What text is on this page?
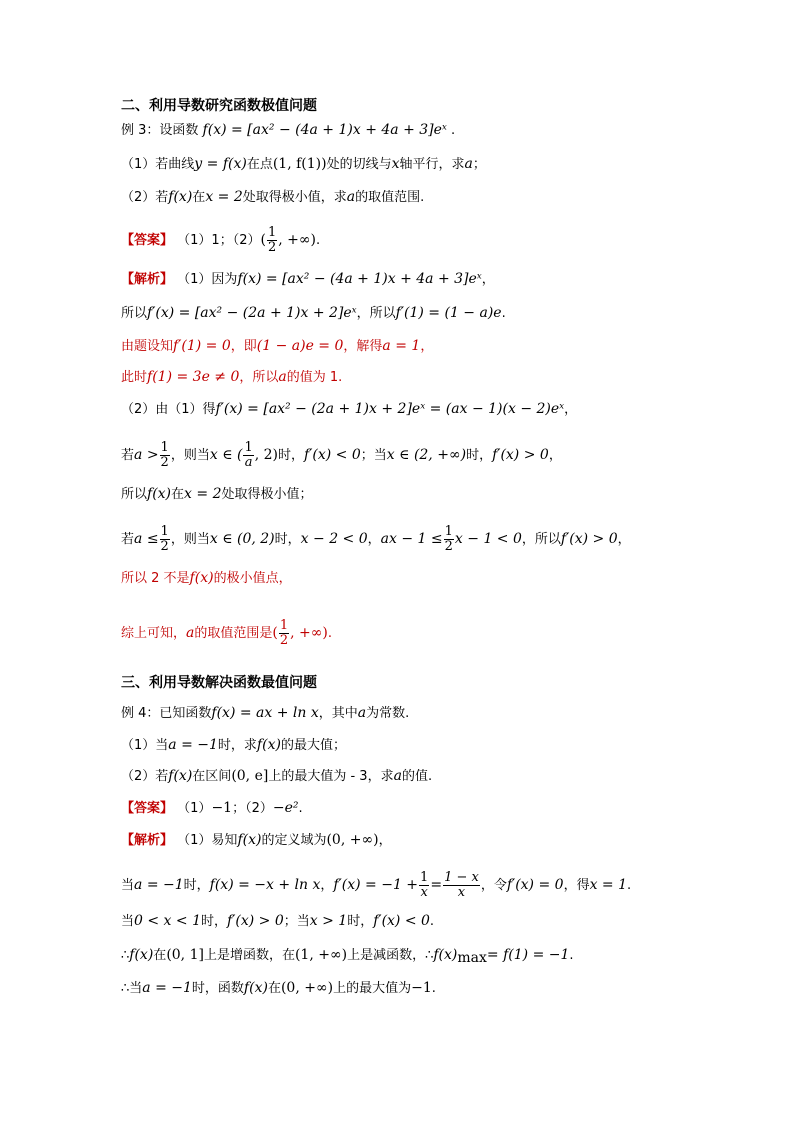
二、利用导数研究函数极值问题
例 3：设函数 f(x) = [ax² − (4a + 1)x + 4a + 3]eˣ .
（1）若曲线y = f(x)在点(1, f(1))处的切线与x轴平行，求a；
（2）若f(x)在x = 2处取得极小值，求a的取值范围.
【答案】 （1）1；$(2)( \frac{1}{2}$ , +∞).
【解析】 （1）因为f(x) = [ax² − (4a + 1)x + 4a + 3]eˣ，
所以f′(x) = [ax² − (2a + 1)x + 2]eˣ，所以f′(1) = (1 − a)e.
由题设知f′(1) = 0，即(1 − a)e = 0，解得a = 1，
此时f(1) = 3e ≠ 0，所以a的值为 1.
（2）由（1）得f′(x) = [ax² − (2a + 1)x + 2]eˣ = (ax − 1)(x − 2)eˣ，
若$a > \frac{1}{2}$ ，则当x ∈ ( $\frac{1}{a}$ , 2)时，f′(x) < 0；当x ∈ (2, +∞)时，f′(x) > 0，
所以f(x)在x = 2处取得极小值；
若$a \le \frac{1}{2}$ ，则当x ∈ (0, 2)时，x − 2 < 0，ax − $1 \le \frac{1}{2}$ x − 1 < 0，所以f′(x) > 0，
所以 2 不是f(x)的极小值点，
综上可知，a的取值范围是( $\frac{1}{2}$ , +∞).
三、利用导数解决函数最值问题
例 4：已知函数f(x) = ax + ln x，其中a为常数.
（1）当a = −1时，求f(x)的最大值；
（2）若f(x)在区间(0, e]上的最大值为 - 3，求a的值.
【答案】 （1）−1；（2）−e².
【解析】 （1）易知f(x)的定义域为(0, +∞)，
当a = −1时，f(x) = −x + ln x，$f'(x) = -1 + \frac{1}{x} = \frac{1 - x}{x}$ ，令f′(x) = 0，得x = 1.
当0 < x < 1时，f′(x) > 0；当x > 1时，f′(x) < 0.
∴f(x)在(0, 1]上是增函数，在(1, +∞)上是减函数，$\therefore f(x)_{max}= f(1) = -1$.
∴当a = −1时，函数f(x)在(0, +∞)上的最大值为−1.
